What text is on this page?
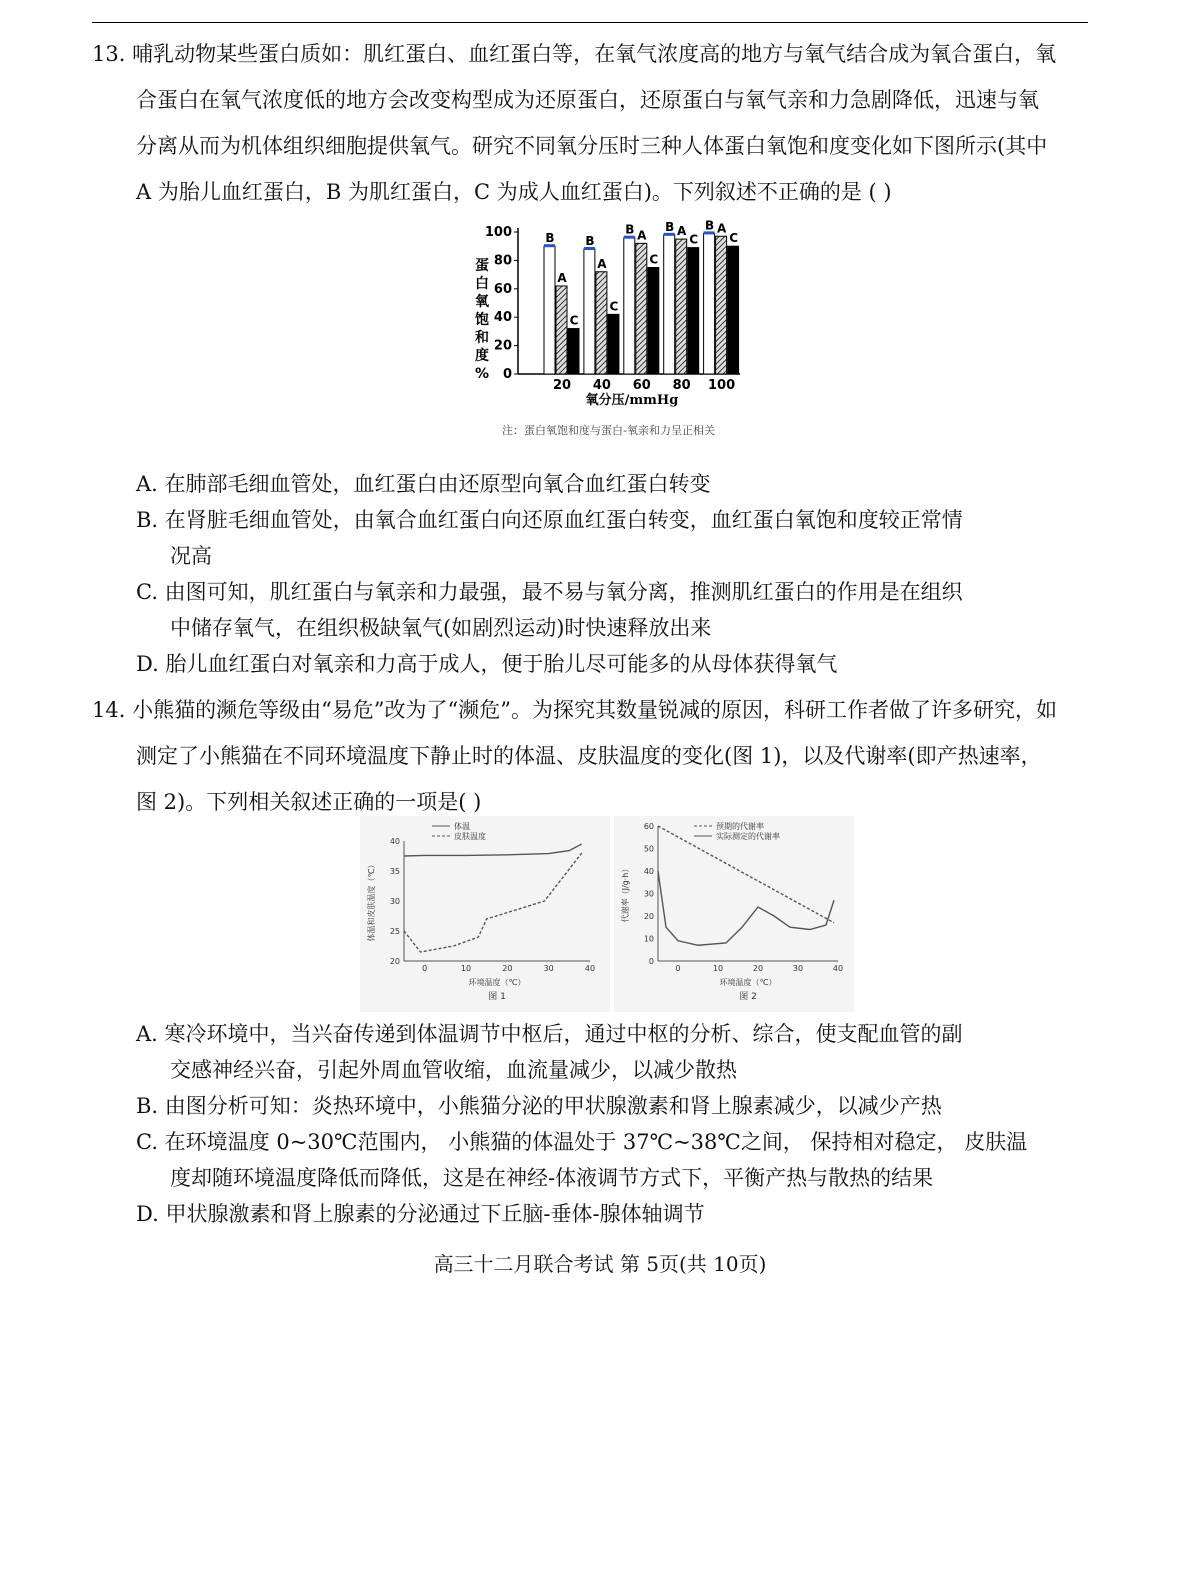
13. 哺乳动物某些蛋白质如：肌红蛋白、血红蛋白等，在氧气浓度高的地方与氧气结合成为氧合蛋白，氧
合蛋白在氧气浓度低的地方会改变构型成为还原蛋白，还原蛋白与氧气亲和力急剧降低，迅速与氧
分离从而为机体组织细胞提供氧气。研究不同氧分压时三种人体蛋白氧饱和度变化如下图所示(其中
A 为胎儿血红蛋白，B 为肌红蛋白，C 为成人血红蛋白)。下列叙述不正确的是 ( )
0
20
40
60
80
100
蛋
白
氧
饱
和
度
%
B
A
C
20
B
A
C
40
B A
C
60
B A
C
80
B A
C
100
氧分压/mmHg
注：蛋白氧饱和度与蛋白-氧亲和力呈正相关
A. 在肺部毛细血管处，血红蛋白由还原型向氧合血红蛋白转变
B. 在肾脏毛细血管处，由氧合血红蛋白向还原血红蛋白转变，血红蛋白氧饱和度较正常情
况高
C. 由图可知，肌红蛋白与氧亲和力最强，最不易与氧分离，推测肌红蛋白的作用是在组织
中储存氧气，在组织极缺氧气(如剧烈运动)时快速释放出来
D. 胎儿血红蛋白对氧亲和力高于成人，便于胎儿尽可能多的从母体获得氧气
14. 小熊猫的濒危等级由“易危”改为了“濒危”。为探究其数量锐减的原因，科研工作者做了许多研究，如
测定了小熊猫在不同环境温度下静止时的体温、皮肤温度的变化(图 1)，以及代谢率(即产热速率，
图 2)。下列相关叙述正确的一项是( )
20
25
30
35
40
0	10	20	30	40
体温
皮肤温度
环境温度（℃）
图 1
体温和皮肤温度（℃）
0
10
20
30
40
50
60
0	10	20	30	40
预期的代谢率
实际测定的代谢率
环境温度（℃）
图 2
代谢率（J/g·h）
A. 寒冷环境中，当兴奋传递到体温调节中枢后，通过中枢的分析、综合，使支配血管的副
交感神经兴奋，引起外周血管收缩，血流量减少，以减少散热
B. 由图分析可知：炎热环境中，小熊猫分泌的甲状腺激素和肾上腺素减少，以减少产热
C. 在环境温度 0~30℃范围内， 小熊猫的体温处于 37℃~38℃之间， 保持相对稳定， 皮肤温
度却随环境温度降低而降低，这是在神经-体液调节方式下，平衡产热与散热的结果
D. 甲状腺激素和肾上腺素的分泌通过下丘脑-垂体-腺体轴调节
高三十二月联合考试 第 5页(共 10页)
